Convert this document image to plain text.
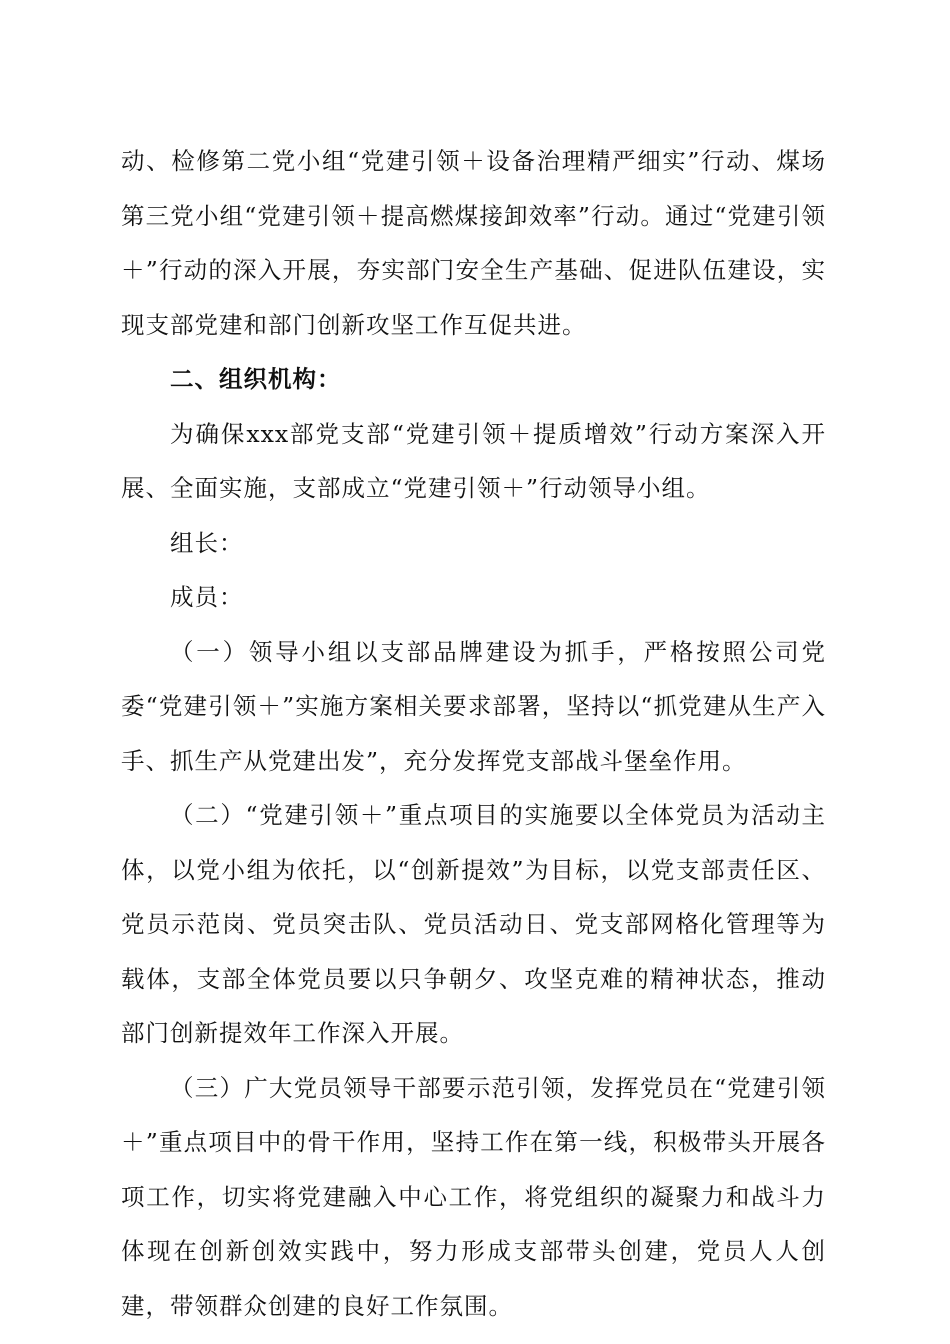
动、检修第二党小组“党建引领＋设备治理精严细实”行动、煤场第三党小组“党建引领＋提高燃煤接卸效率”行动。通过“党建引领＋”行动的深入开展，夯实部门安全生产基础、促进队伍建设，实现支部党建和部门创新攻坚工作互促共进。

二、组织机构：

为确保xxx部党支部“党建引领＋提质增效”行动方案深入开展、全面实施，支部成立“党建引领＋”行动领导小组。

组长：

成员：

（一）领导小组以支部品牌建设为抓手，严格按照公司党委“党建引领＋”实施方案相关要求部署，坚持以“抓党建从生产入手、抓生产从党建出发”，充分发挥党支部战斗堡垒作用。

（二）“党建引领＋”重点项目的实施要以全体党员为活动主体，以党小组为依托，以“创新提效”为目标，以党支部责任区、党员示范岗、党员突击队、党员活动日、党支部网格化管理等为载体，支部全体党员要以只争朝夕、攻坚克难的精神状态，推动部门创新提效年工作深入开展。

（三）广大党员领导干部要示范引领，发挥党员在“党建引领＋”重点项目中的骨干作用，坚持工作在第一线，积极带头开展各项工作，切实将党建融入中心工作，将党组织的凝聚力和战斗力体现在创新创效实践中，努力形成支部带头创建，党员人人创建，带领群众创建的良好工作氛围。
